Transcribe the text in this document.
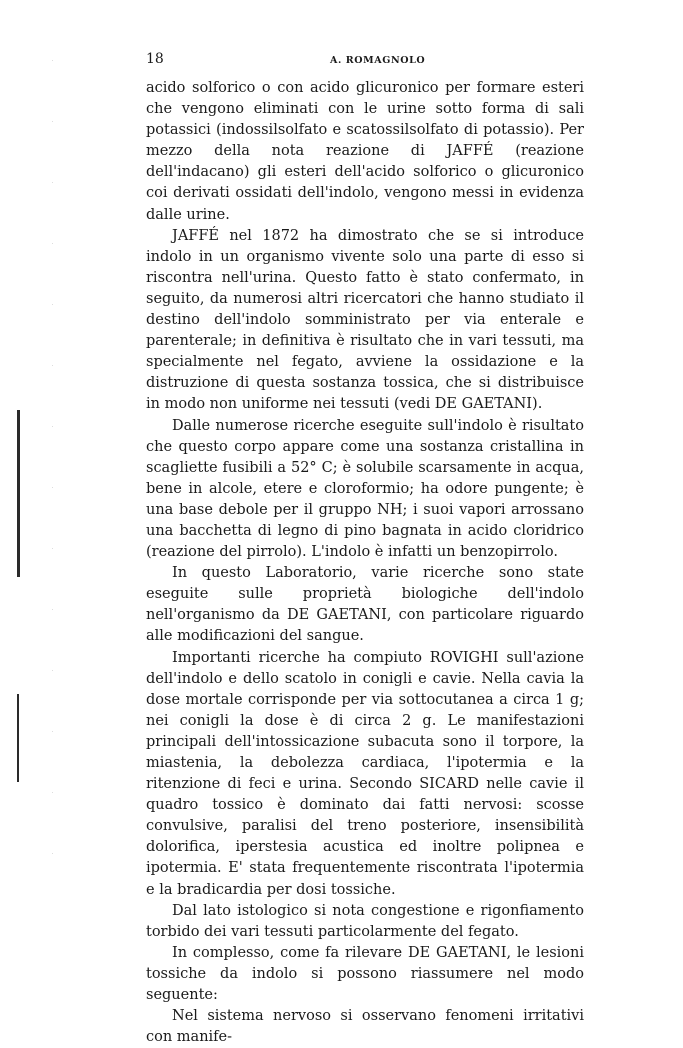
18	A. ROMAGNOLO

acido solforico o con acido glicuronico per formare esteri che vengono eliminati con le urine sotto forma di sali potassici (indossilsolfato e scatossilsolfato di potassio). Per mezzo della nota reazione di JAFFÉ (reazione dell'indacano) gli esteri dell'acido solforico o glicuronico coi derivati ossidati dell'indolo, vengono messi in evidenza dalle urine.

JAFFÉ nel 1872 ha dimostrato che se si introduce indolo in un organismo vivente solo una parte di esso si riscontra nell'urina. Questo fatto è stato confermato, in seguito, da numerosi altri ricercatori che hanno studiato il destino dell'indolo somministrato per via enterale e parenterale; in definitiva è risultato che in vari tessuti, ma specialmente nel fegato, avviene la ossidazione e la distruzione di questa sostanza tossica, che si distribuisce in modo non uniforme nei tessuti (vedi DE GAETANI).

Dalle numerose ricerche eseguite sull'indolo è risultato che questo corpo appare come una sostanza cristallina in scagliette fusibili a 52° C; è solubile scarsamente in acqua, bene in alcole, etere e cloroformio; ha odore pungente; è una base debole per il gruppo NH; i suoi vapori arrossano una bacchetta di legno di pino bagnata in acido cloridrico (reazione del pirrolo). L'indolo è infatti un benzopirrolo.

In questo Laboratorio, varie ricerche sono state eseguite sulle proprietà biologiche dell'indolo nell'organismo da DE GAETANI, con particolare riguardo alle modificazioni del sangue.

Importanti ricerche ha compiuto ROVIGHI sull'azione dell'indolo e dello scatolo in conigli e cavie. Nella cavia la dose mortale corrisponde per via sottocutanea a circa 1 g; nei conigli la dose è di circa 2 g. Le manifestazioni principali dell'intossicazione subacuta sono il torpore, la miastenia, la debolezza cardiaca, l'ipotermia e la ritenzione di feci e urina. Secondo SICARD nelle cavie il quadro tossico è dominato dai fatti nervosi: scosse convulsive, paralisi del treno posteriore, insensibilità dolorifica, iperstesia acustica ed inoltre polipnea e ipotermia. E' stata frequentemente riscontrata l'ipotermia e la bradicardia per dosi tossiche.

Dal lato istologico si nota congestione e rigonfiamento torbido dei vari tessuti particolarmente del fegato.

In complesso, come fa rilevare DE GAETANI, le lesioni tossiche da indolo si possono riassumere nel modo seguente:

Nel sistema nervoso si osservano fenomeni irritativi con manife-
